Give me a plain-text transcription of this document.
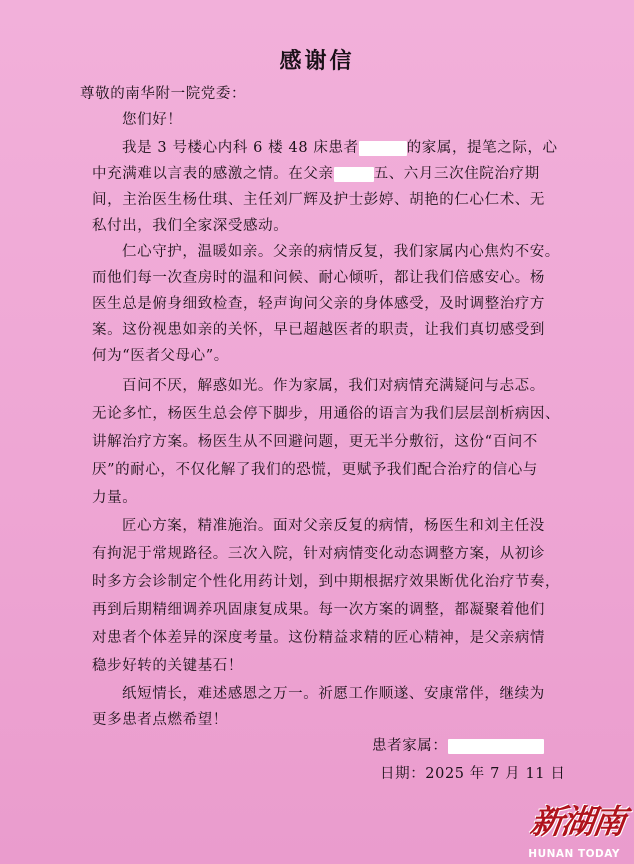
感谢信
尊敬的南华附一院党委：
您们好！
我是 3 号楼心内科 6 楼 48 床患者	的家属，提笔之际，心
中充满难以言表的感激之情。在父亲	五、六月三次住院治疗期
间，主治医生杨仕琪、主任刘厂辉及护士彭婷、胡艳的仁心仁术、无
私付出，我们全家深受感动。
仁心守护，温暖如亲。父亲的病情反复，我们家属内心焦灼不安。
而他们每一次查房时的温和问候、耐心倾听，都让我们倍感安心。杨
医生总是俯身细致检查，轻声询问父亲的身体感受，及时调整治疗方
案。这份视患如亲的关怀，早已超越医者的职责，让我们真切感受到
何为“医者父母心”。
百问不厌，解惑如光。作为家属，我们对病情充满疑问与忐忑。
无论多忙，杨医生总会停下脚步，用通俗的语言为我们层层剖析病因、
讲解治疗方案。杨医生从不回避问题，更无半分敷衍，这份“百问不
厌”的耐心，不仅化解了我们的恐慌，更赋予我们配合治疗的信心与
力量。
匠心方案，精准施治。面对父亲反复的病情，杨医生和刘主任没
有拘泥于常规路径。三次入院，针对病情变化动态调整方案，从初诊
时多方会诊制定个性化用药计划，到中期根据疗效果断优化治疗节奏，
再到后期精细调养巩固康复成果。每一次方案的调整，都凝聚着他们
对患者个体差异的深度考量。这份精益求精的匠心精神，是父亲病情
稳步好转的关键基石！
纸短情长，难述感恩之万一。祈愿工作顺遂、安康常伴，继续为
更多患者点燃希望！
患者家属：
日期：2025 年 7 月 11 日
新湖南
HUNAN TODAY
